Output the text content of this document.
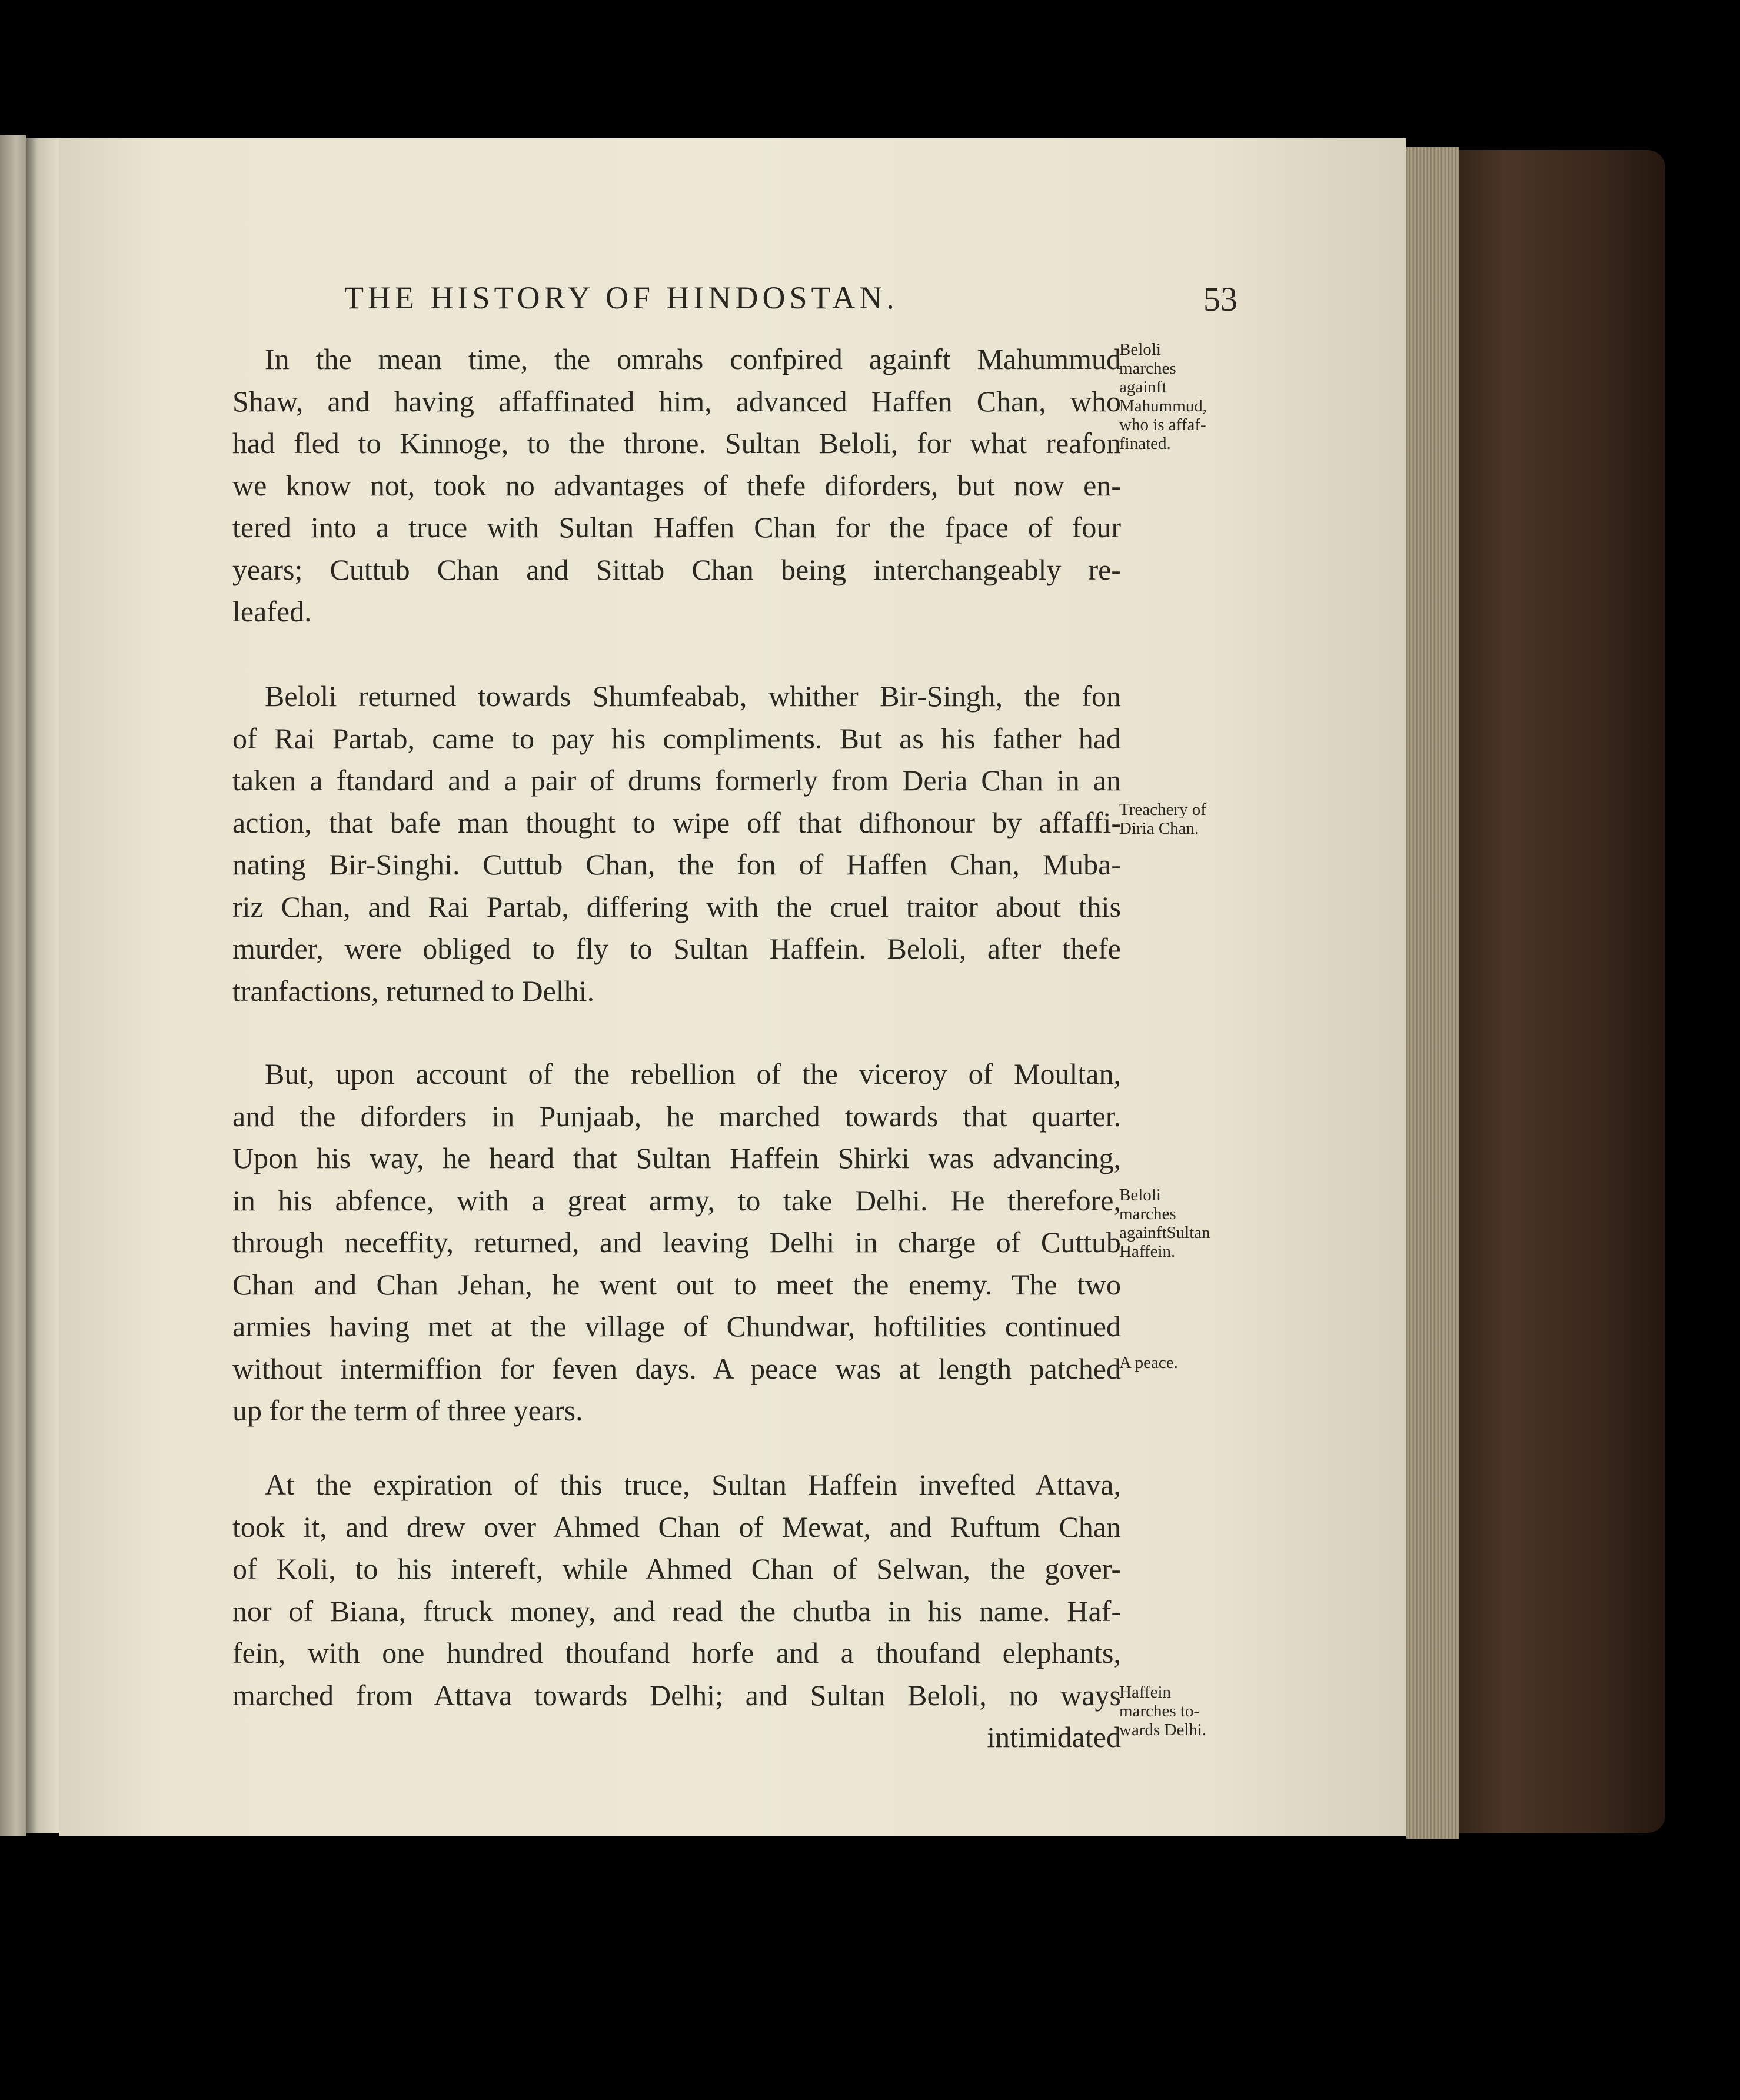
THE HISTORY OF HINDOSTAN.	53
In the mean time, the omrahs confpired againft Mahummud
Shaw, and having affaffinated him, advanced Haffen Chan, who
had fled to Kinnoge, to the throne. Sultan Beloli, for what reafon
we know not, took no advantages of thefe diforders, but now en-
tered into a truce with Sultan Haffen Chan for the fpace of four
years; Cuttub Chan and Sittab Chan being interchangeably re-
leafed.
Beloli returned towards Shumfeabab, whither Bir-Singh, the fon
of Rai Partab, came to pay his compliments. But as his father had
taken a ftandard and a pair of drums formerly from Deria Chan in an
action, that bafe man thought to wipe off that difhonour by affaffi-
nating Bir-Singhi. Cuttub Chan, the fon of Haffen Chan, Muba-
riz Chan, and Rai Partab, differing with the cruel traitor about this
murder, were obliged to fly to Sultan Haffein. Beloli, after thefe
tranfactions, returned to Delhi.
But, upon account of the rebellion of the viceroy of Moultan,
and the diforders in Punjaab, he marched towards that quarter.
Upon his way, he heard that Sultan Haffein Shirki was advancing,
in his abfence, with a great army, to take Delhi. He therefore,
through neceffity, returned, and leaving Delhi in charge of Cuttub
Chan and Chan Jehan, he went out to meet the enemy. The two
armies having met at the village of Chundwar, hoftilities continued
without intermiffion for feven days. A peace was at length patched
up for the term of three years.
At the expiration of this truce, Sultan Haffein invefted Attava,
took it, and drew over Ahmed Chan of Mewat, and Ruftum Chan
of Koli, to his intereft, while Ahmed Chan of Selwan, the gover-
nor of Biana, ftruck money, and read the chutba in his name. Haf-
fein, with one hundred thoufand horfe and a thoufand elephants,
marched from Attava towards Delhi; and Sultan Beloli, no ways
intimidated
Beloli
marches
againft
Mahummud,
who is affaf-
finated.
Treachery of
Diria Chan.
Beloli
marches
againftSultan
Haffein.
A peace.
Haffein
marches to-
wards Delhi.
